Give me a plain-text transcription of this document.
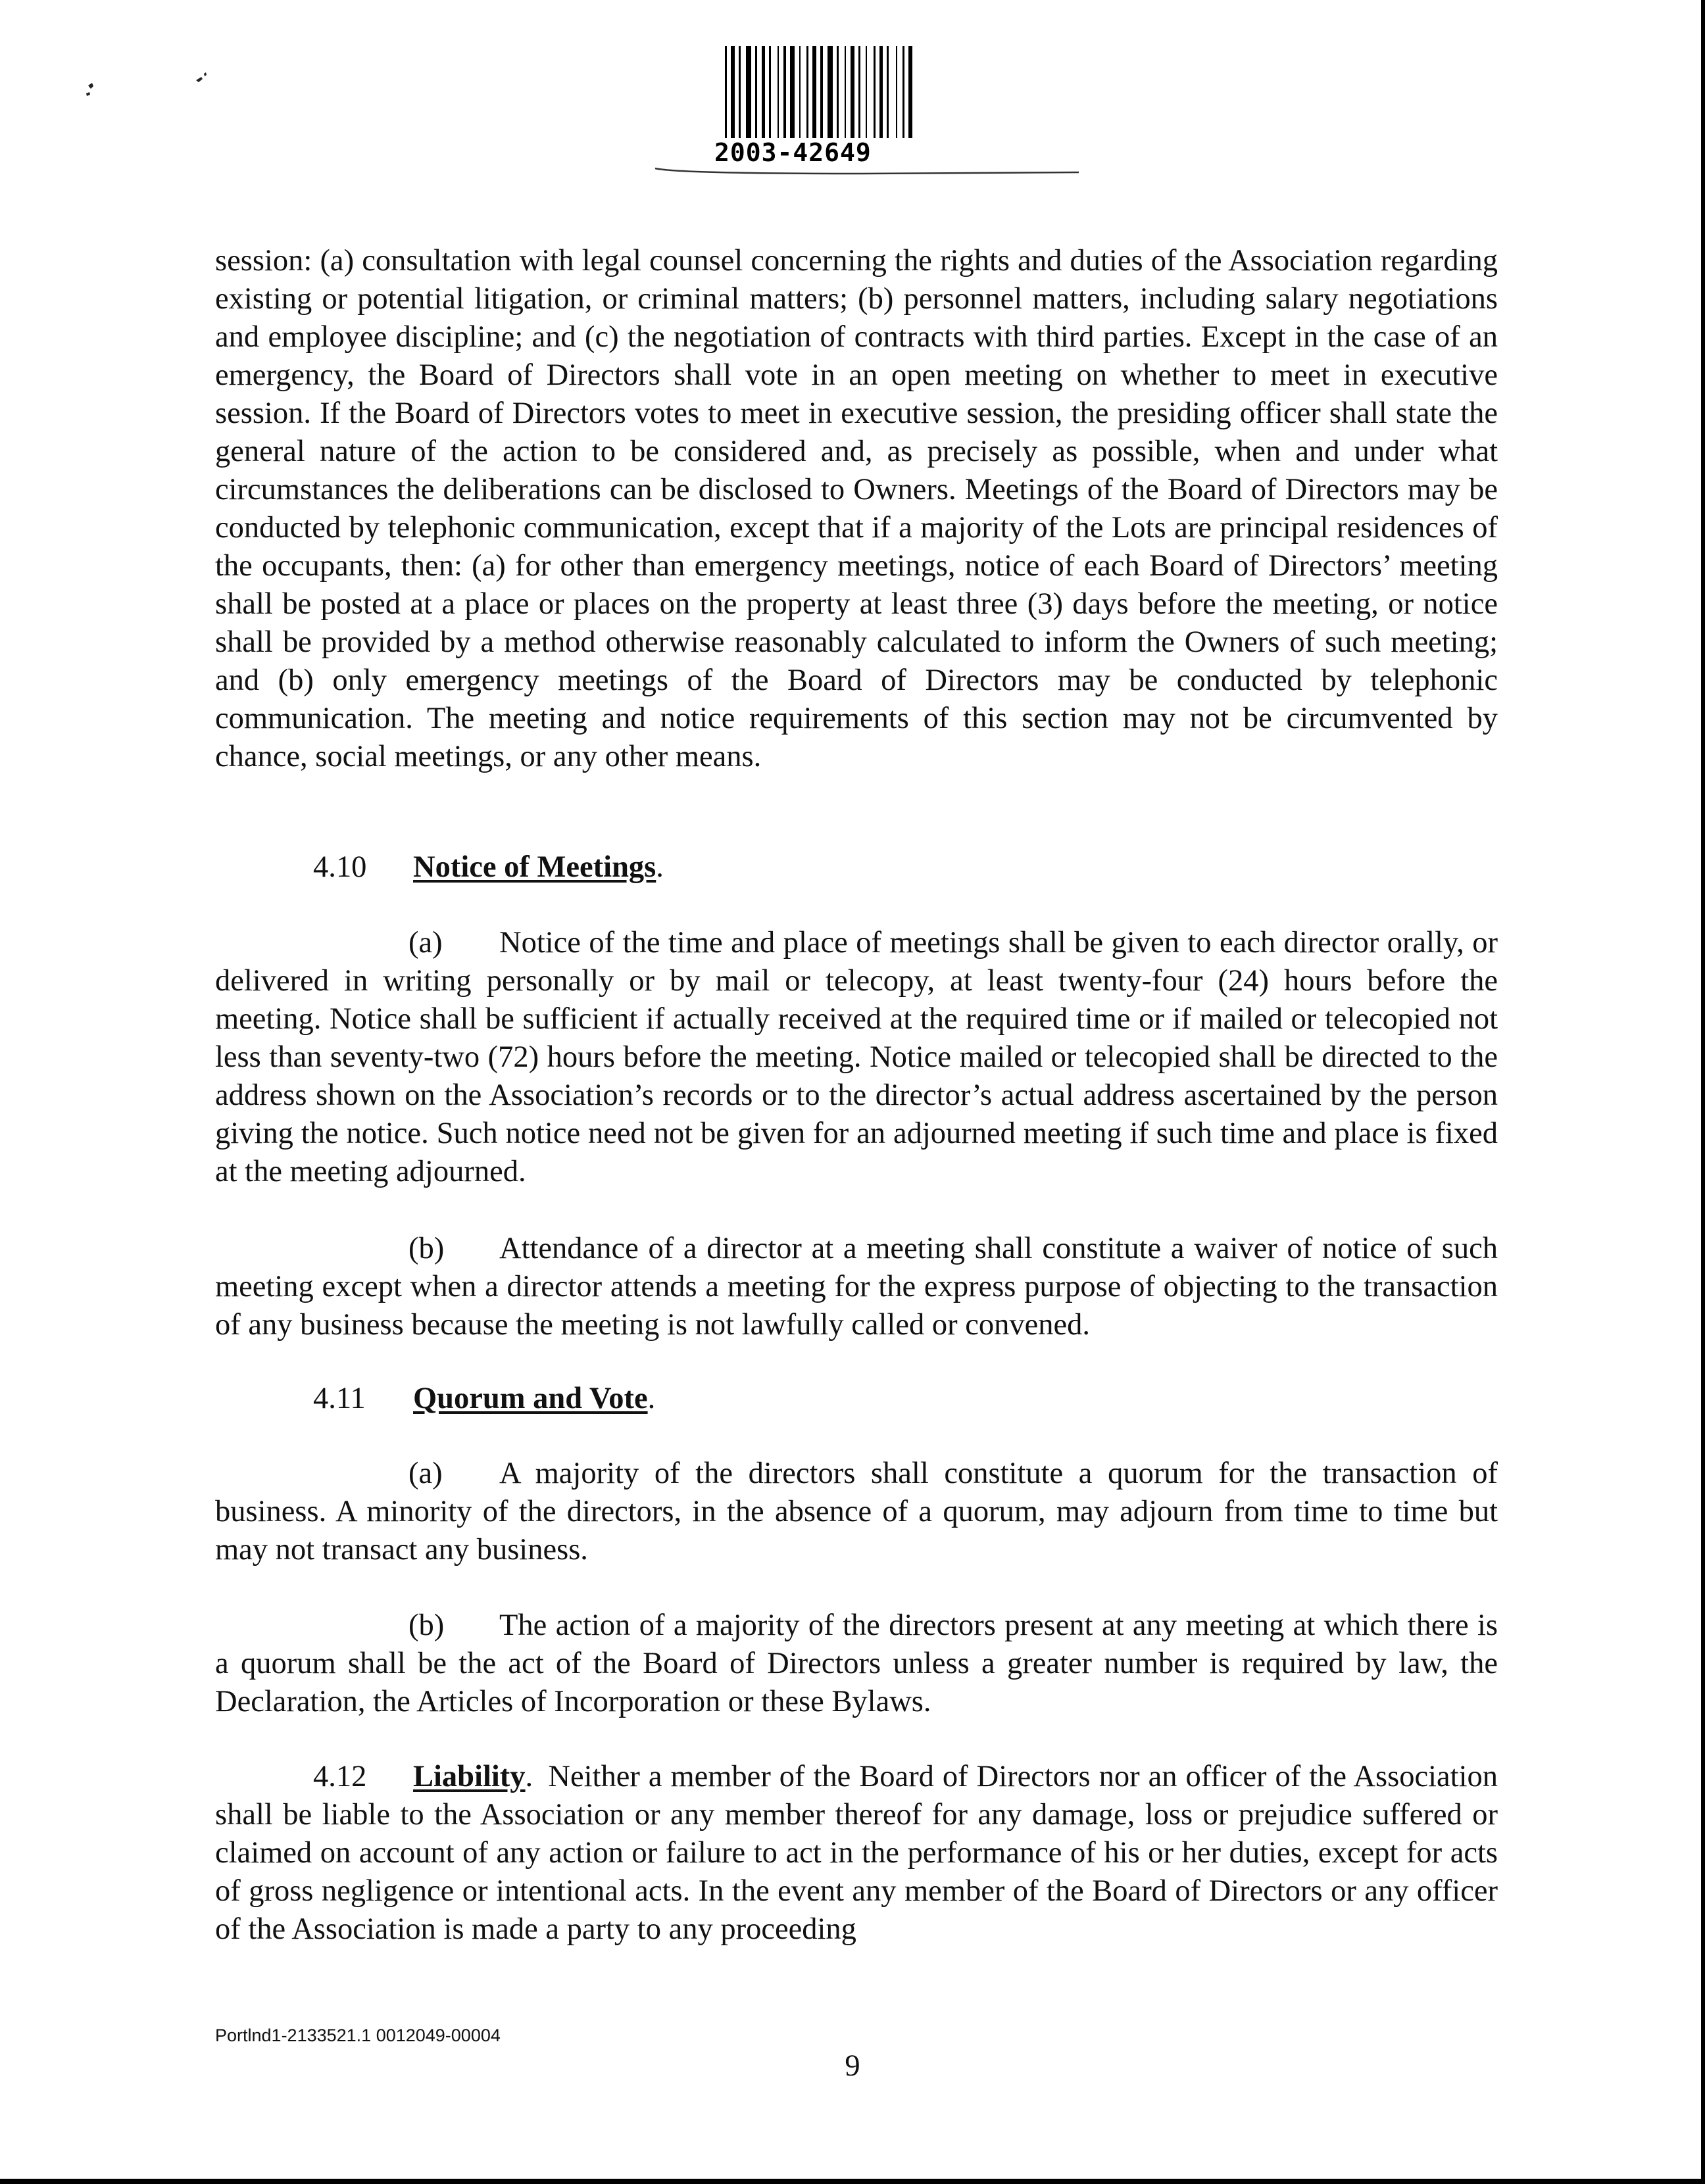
2003-42649
session: (a) consultation with legal counsel concerning the rights and duties of the Association regarding existing or potential litigation, or criminal matters; (b) personnel matters, including salary negotiations and employee discipline; and (c) the negotiation of contracts with third parties. Except in the case of an emergency, the Board of Directors shall vote in an open meeting on whether to meet in executive session. If the Board of Directors votes to meet in executive session, the presiding officer shall state the general nature of the action to be considered and, as precisely as possible, when and under what circumstances the deliberations can be disclosed to Owners. Meetings of the Board of Directors may be conducted by telephonic communication, except that if a majority of the Lots are principal residences of the occupants, then: (a) for other than emergency meetings, notice of each Board of Directors’ meeting shall be posted at a place or places on the property at least three (3) days before the meeting, or notice shall be provided by a method otherwise reasonably calculated to inform the Owners of such meeting; and (b) only emergency meetings of the Board of Directors may be conducted by telephonic communication. The meeting and notice requirements of this section may not be circumvented by chance, social meetings, or any other means.
4.10 Notice of Meetings.
(a) Notice of the time and place of meetings shall be given to each director orally, or delivered in writing personally or by mail or telecopy, at least twenty-four (24) hours before the meeting. Notice shall be sufficient if actually received at the required time or if mailed or telecopied not less than seventy-two (72) hours before the meeting. Notice mailed or telecopied shall be directed to the address shown on the Association’s records or to the director’s actual address ascertained by the person giving the notice. Such notice need not be given for an adjourned meeting if such time and place is fixed at the meeting adjourned.
(b) Attendance of a director at a meeting shall constitute a waiver of notice of such meeting except when a director attends a meeting for the express purpose of objecting to the transaction of any business because the meeting is not lawfully called or convened.
4.11 Quorum and Vote.
(a) A majority of the directors shall constitute a quorum for the transaction of business. A minority of the directors, in the absence of a quorum, may adjourn from time to time but may not transact any business.
(b) The action of a majority of the directors present at any meeting at which there is a quorum shall be the act of the Board of Directors unless a greater number is required by law, the Declaration, the Articles of Incorporation or these Bylaws.
4.12 Liability.  Neither a member of the Board of Directors nor an officer of the Association shall be liable to the Association or any member thereof for any damage, loss or prejudice suffered or claimed on account of any action or failure to act in the performance of his or her duties, except for acts of gross negligence or intentional acts. In the event any member of the Board of Directors or any officer of the Association is made a party to any proceeding
Portlnd1-2133521.1 0012049-00004
9
